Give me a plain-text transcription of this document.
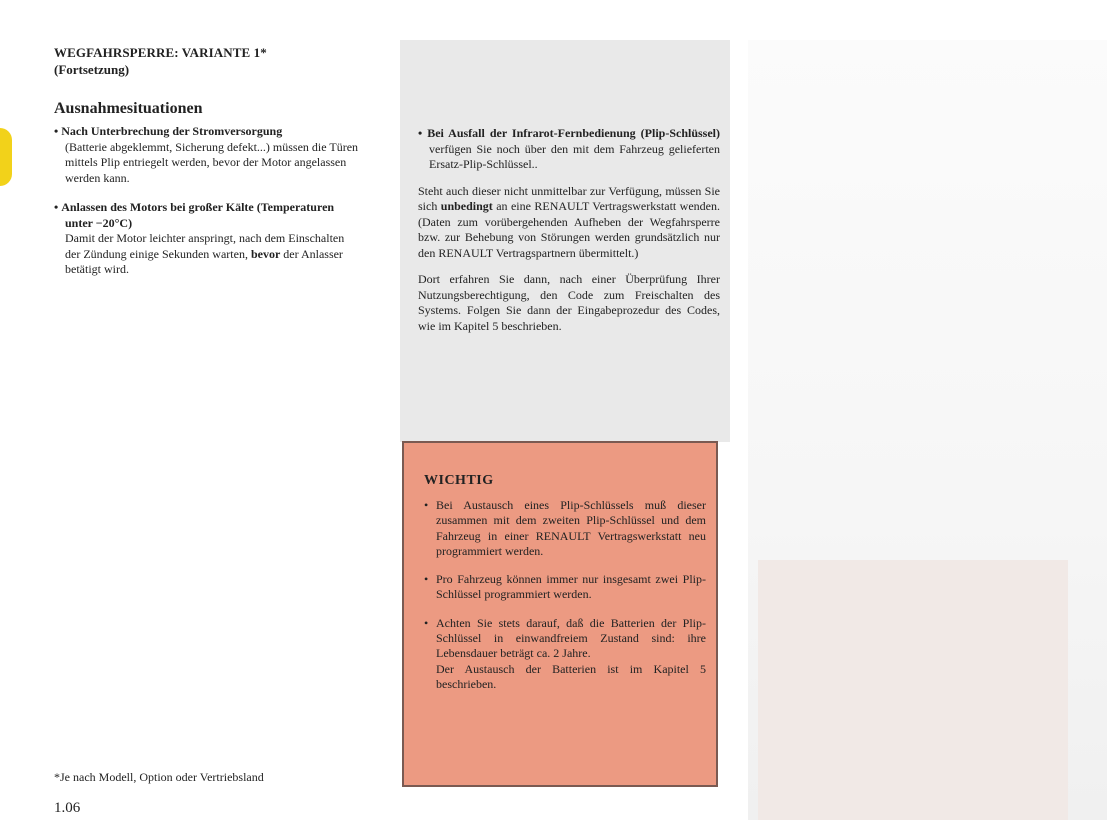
WEGFAHRSPERRE: VARIANTE 1*

(Fortsetzung)

Ausnahmesituationen
• Nach Unterbrechung der Stromversorgung
(Batterie abgeklemmt, Sicherung defekt...) müssen die Türen mittels Plip entriegelt werden, bevor der Motor angelassen werden kann.
• Anlassen des Motors bei großer Kälte (Temperaturen unter −20°C)
Damit der Motor leichter anspringt, nach dem Einschalten der Zündung einige Sekunden warten, bevor der Anlasser betätigt wird.

• Bei Ausfall der Infrarot-Fernbedienung (Plip-Schlüssel) verfügen Sie noch über den mit dem Fahrzeug gelieferten Ersatz-Plip-Schlüssel..

Steht auch dieser nicht unmittelbar zur Verfügung, müssen Sie sich unbedingt an eine RENAULT Vertragswerkstatt wenden. (Daten zum vorübergehenden Aufheben der Wegfahrsperre bzw. zur Behebung von Störungen werden grundsätzlich nur den RENAULT Vertragspartnern übermittelt.)

Dort erfahren Sie dann, nach einer Überprüfung Ihrer Nutzungsberechtigung, den Code zum Freischalten des Systems. Folgen Sie dann der Eingabeprozedur des Codes, wie im Kapitel 5 beschrieben.

WICHTIG

• Bei Austausch eines Plip-Schlüssels muß dieser zusammen mit dem zweiten Plip-Schlüssel und dem Fahrzeug in einer RENAULT Vertragswerkstatt neu programmiert werden.

• Pro Fahrzeug können immer nur insgesamt zwei Plip-Schlüssel programmiert werden.

• Achten Sie stets darauf, daß die Batterien der Plip-Schlüssel in einwandfreiem Zustand sind: ihre Lebensdauer beträgt ca. 2 Jahre.

Der Austausch der Batterien ist im Kapitel 5 beschrieben.

*Je nach Modell, Option oder Vertriebsland
1.06
